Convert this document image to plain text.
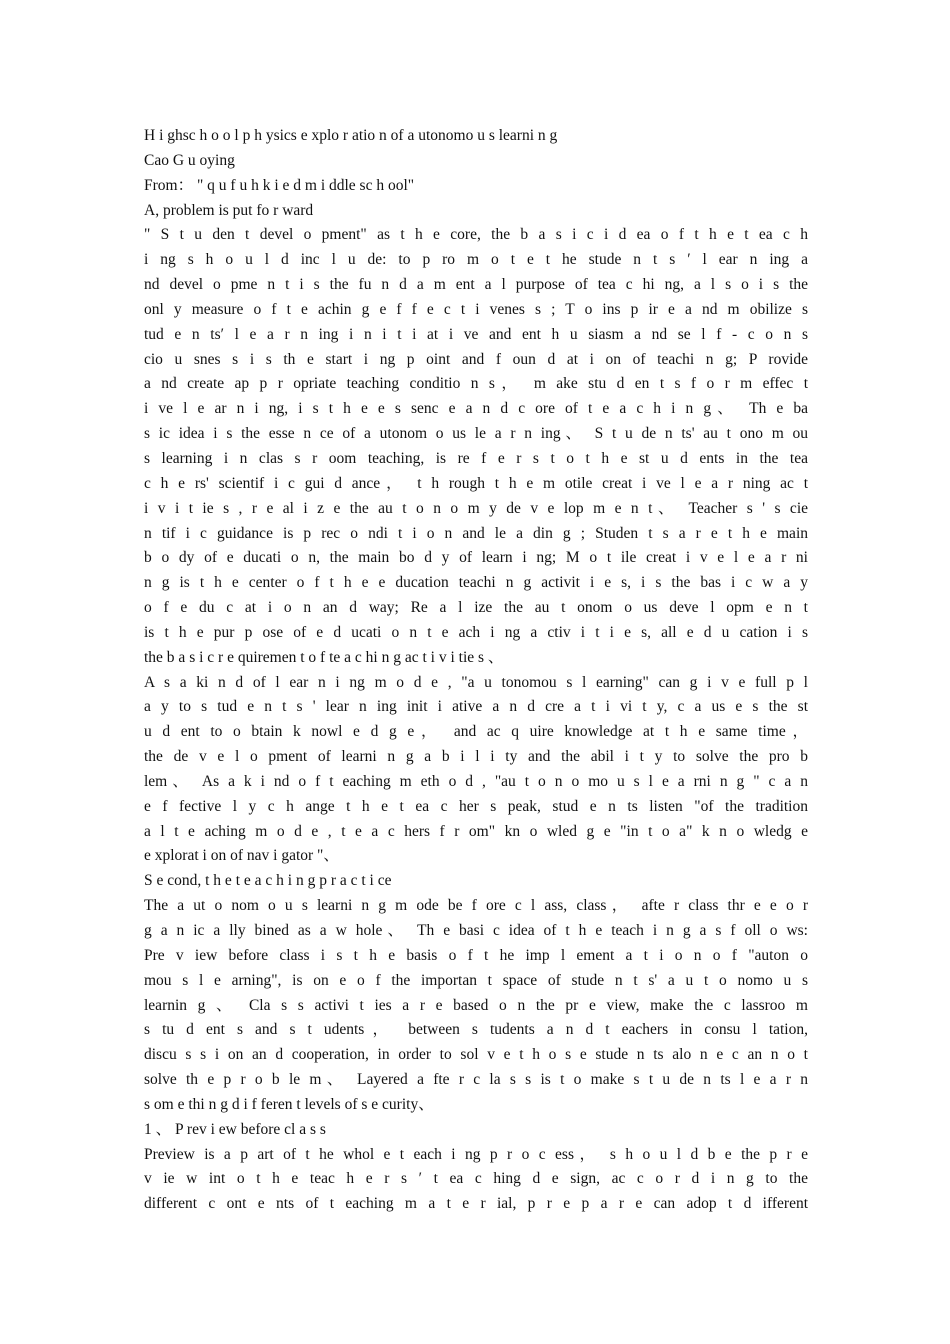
H i ghsc h o o l p h ysics e xplo r atio n of a utonomo u s learni n g
Cao G u oying
From： " q u f u h k i e d m i ddle sc h ool"
A, problem is put fo r ward
" S t u den t devel o pment" as t h e core, the b a s i c i d ea o f t h e t ea c h
i ng s h o u l d inc l u de: to p ro m o t e t he stude n t s ′ l ear n ing a
nd devel o pme n t i s the fu n d a m ent a l purpose of tea c hi ng, a l s o i s the
onl y measure o f t e achin g e f f e c t i venes s ; T o ins p ir e a nd m obilize s
tud e n ts′ l e a r n ing i n i t i at i ve and ent h u siasm a nd se l f - c o n s
cio u snes s i s th e start i ng p oint and f oun d at i on of teachi n g; P rovide
a nd create ap p r opriate teaching conditio n s， m ake stu d en t s f o r m effec t
i ve l e ar n i ng, i s t h e e s senc e a n d c ore of t e a c h i n g、 Th e ba
s ic idea i s the esse n ce of a utonom o us le a r n ing、 S t u de n ts' au t ono m ou
s learning i n clas s r oom teaching, is re f e r s t o t h e st u d ents in the tea
c h e rs' scientif i c gui d ance， t h rough t h e m otile creat i ve l e a r ning ac t
i v i t ie s , r e al i z e the au t o n o m y de v e lop m e n t、 Teacher s ' s cie
n tif i c guidance is p rec o ndi t i o n and le a din g ; Studen t s a r e t h e main
b o dy of e ducati o n, the main bo d y of learn i ng; M o t ile creat i v e l e a r ni
n g is t h e center o f t h e e ducation teachi n g activit i e s, i s the bas i c w a y
o f e du c at i o n an d way; Re a l ize the au t onom o us deve l opm e n t
is t h e pur p ose of e d ucati o n t e ach i ng a ctiv i t i e s, all e d u cation i s
the b a s i c r e quiremen t o f te a c hi n g ac t i v i tie s 、
A s a ki n d of l ear n i ng m o d e , "a u tonomou s l earning" can g i v e full p l
a y to s tud e n t s ' lear n ing init i ative a n d cre a t i vi t y, c a us e s the st
u d ent to o btain k nowl e d g e， and ac q uire knowledge at t h e same time，
the de v e l o pment of learni n g a b i l i ty and the abil i t y to solve the pro b
lem、 As a k i nd o f t eaching m eth o d , "au t o n o mo u s l e a rni n g " c a n
e f fective l y c h ange t h e t ea c her s peak, stud e n ts listen "of the tradition
a l t e aching m o d e , t e a c hers f r om" kn o wled g e "in t o a" k n o wledg e
e xplorat i on of nav i gator "、
S e cond, t h e t e a c h i n g p r a c t i ce
The a ut o nom o u s learni n g m ode be f ore c l ass, class， afte r class thr e e o r
g a n ic a lly bined as a w hole、 Th e basi c idea of t h e teach i n g a s f oll o ws:
Pre v iew before class i s t h e basis o f t he imp l ement a t i o n o f "auton o
mou s l e arning", is on e o f the importan t space of stude n t s' a u t o nomo u s
learnin g 、 Cla s s activi t ies a r e based o n the pr e view, make the c lassroo m
s tu d ent s and s t udents， between s tudents a n d t eachers in consu l tation,
discu s s i on an d cooperation, in order to sol v e t h o s e stude n ts alo n e c an n o t
solve th e p r o b le m、 Layered a fte r c la s s is t o make s t u de n ts l e a r n
s om e thi n g d i f feren t levels of s e curity、
1 、 P rev i ew before cl a s s
Preview is a p art of t he whol e t each i ng p r o c ess， s h o u l d b e the p r e
v ie w int o t h e teac h e r s ′ t ea c hing d e sign, ac c o r d i n g to the
different c ont e nts of t eaching m a t e r ial, p r e p a r e can adop t d ifferent
